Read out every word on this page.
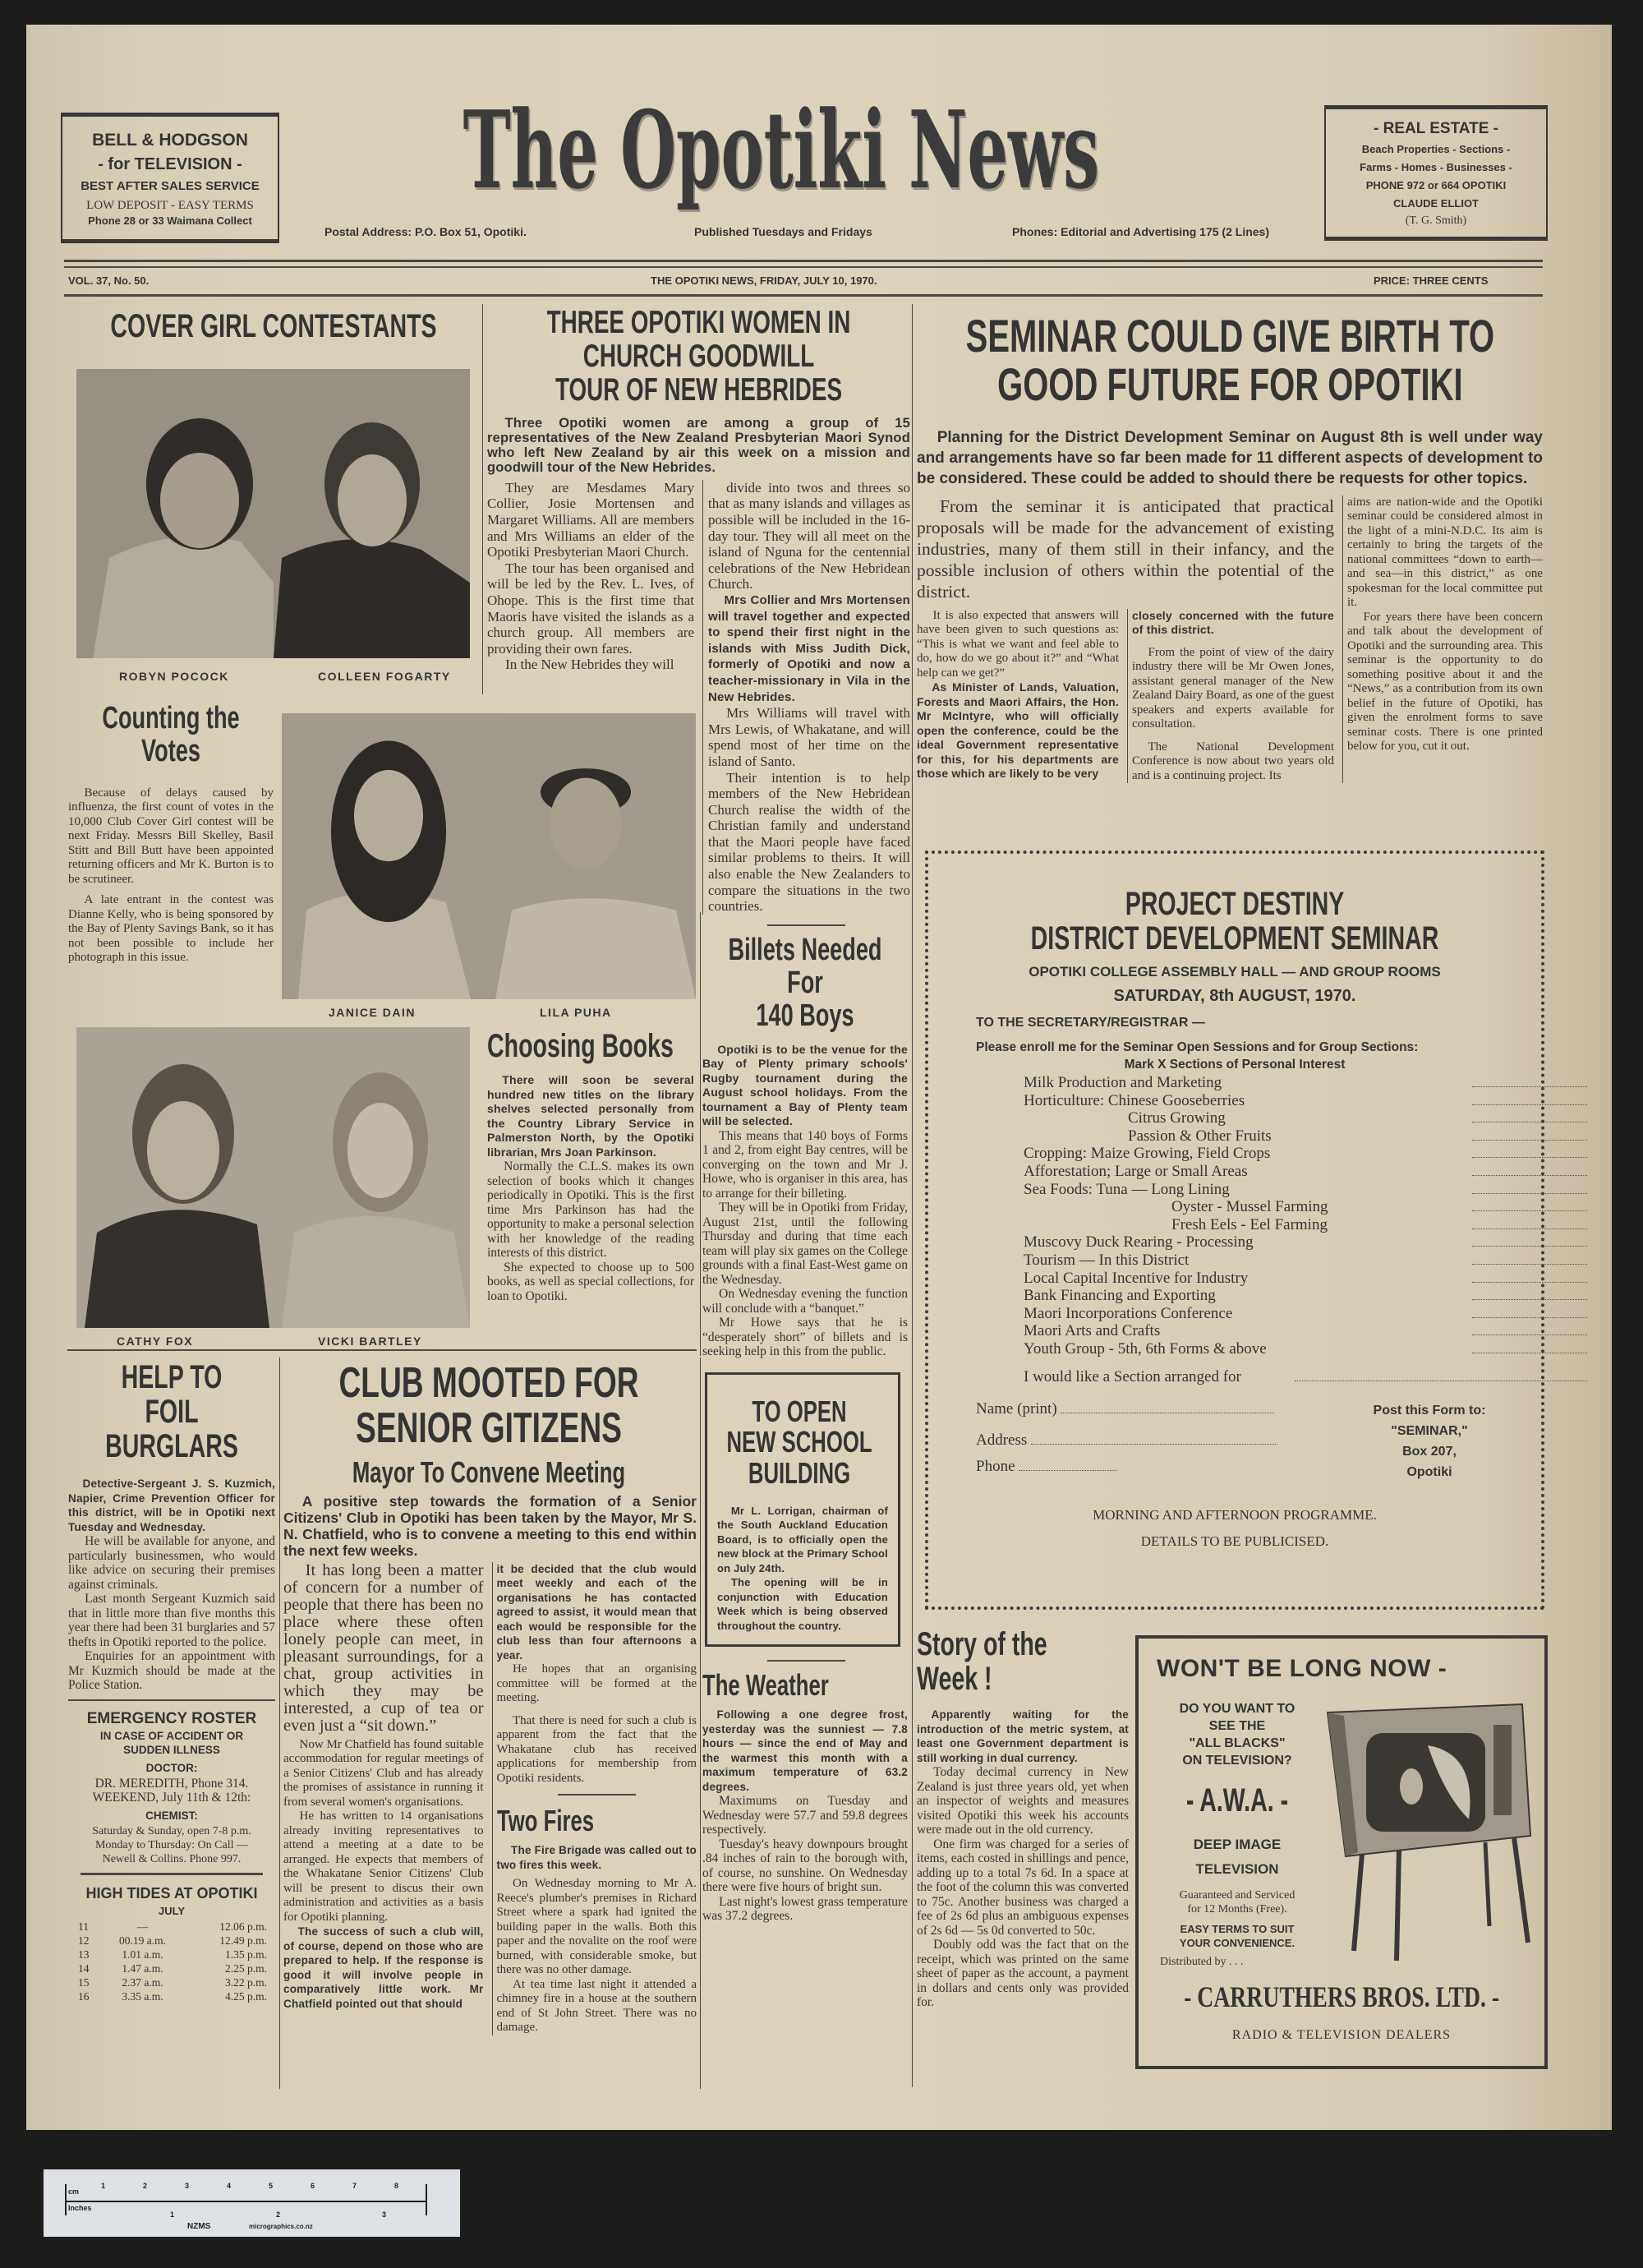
BELL & HODGSON
- for TELEVISION -
BEST AFTER SALES SERVICE
LOW DEPOSIT - EASY TERMS
Phone 28 or 33 Waimana Collect
The Opotiki News
Postal Address: P.O. Box 51, Opotiki.	Published Tuesdays and Fridays	Phones: Editorial and Advertising 175 (2 Lines)
- REAL ESTATE -
Beach Properties - Sections -
Farms - Homes - Businesses -
PHONE 972 or 664 OPOTIKI
CLAUDE ELLIOT
(T. G. Smith)
VOL. 37, No. 50.	THE OPOTIKI NEWS, FRIDAY, JULY 10, 1970.	PRICE: THREE CENTS
COVER GIRL CONTESTANTS
ROBYN POCOCK	COLLEEN FOGARTY
Counting the
Votes

Because of delays caused by influenza, the first count of votes in the 10,000 Club Cover Girl contest will be next Friday. Messrs Bill Skelley, Basil Stitt and Bill Butt have been appointed returning officers and Mr K. Burton is to be scrutineer.

A late entrant in the contest was Dianne Kelly, who is being sponsored by the Bay of Plenty Savings Bank, so it has not been possible to include her photograph in this issue.

JANICE DAIN	LILA PUHA
CATHY FOX	VICKI BARTLEY
THREE OPOTIKI WOMEN IN
CHURCH GOODWILL
TOUR OF NEW HEBRIDES

Three Opotiki women are among a group of 15 representatives of the New Zealand Presbyterian Maori Synod who left New Zealand by air this week on a mission and goodwill tour of the New Hebrides.

They are Mesdames Mary Collier, Josie Mortensen and Margaret Williams. All are members and Mrs Williams an elder of the Opotiki Presbyterian Maori Church.

The tour has been organised and will be led by the Rev. L. Ives, of Ohope. This is the first time that Maoris have visited the islands as a church group. All members are providing their own fares.

In the New Hebrides they will

divide into twos and threes so that as many islands and villages as possible will be included in the 16-day tour. They will all meet on the island of Nguna for the centennial celebrations of the New Hebridean Church.

Mrs Collier and Mrs Mortensen will travel together and expected to spend their first night in the islands with Miss Judith Dick, formerly of Opotiki and now a teacher-missionary in Vila in the New Hebrides.

Mrs Williams will travel with Mrs Lewis, of Whakatane, and will spend most of her time on the island of Santo.

Their intention is to help members of the New Hebridean Church realise the width of the Christian family and understand that the Maori people have faced similar problems to theirs. It will also enable the New Zealanders to compare the situations in the two countries.

Billets Needed
For
140 Boys

Opotiki is to be the venue for the Bay of Plenty primary schools' Rugby tournament during the August school holidays. From the tournament a Bay of Plenty team will be selected.

This means that 140 boys of Forms 1 and 2, from eight Bay centres, will be converging on the town and Mr J. Howe, who is organiser in this area, has to arrange for their billeting.

They will be in Opotiki from Friday, August 21st, until the following Thursday and during that time each team will play six games on the College grounds with a final East-West game on the Wednesday.

On Wednesday evening the function will conclude with a “banquet.”

Mr Howe says that he is “desperately short” of billets and is seeking help in this from the public.

TO OPEN
NEW SCHOOL
BUILDING

Mr L. Lorrigan, chairman of the South Auckland Education Board, is to officially open the new block at the Primary School on July 24th.

The opening will be in conjunction with Education Week which is being observed throughout the country.

The Weather

Following a one degree frost, yesterday was the sunniest — 7.8 hours — since the end of May and the warmest this month with a maximum temperature of 63.2 degrees.

Maximums on Tuesday and Wednesday were 57.7 and 59.8 degrees respectively.

Tuesday's heavy downpours brought .84 inches of rain to the borough with, of course, no sunshine. On Wednesday there were five hours of bright sun.

Last night's lowest grass temperature was 37.2 degrees.

Choosing Books

There will soon be several hundred new titles on the library shelves selected personally from the Country Library Service in Palmerston North, by the Opotiki librarian, Mrs Joan Parkinson.

Normally the C.L.S. makes its own selection of books which it changes periodically in Opotiki. This is the first time Mrs Parkinson has had the opportunity to make a personal selection with her knowledge of the reading interests of this district.

She expected to choose up to 500 books, as well as special collections, for loan to Opotiki.

SEMINAR COULD GIVE BIRTH TO
GOOD FUTURE FOR OPOTIKI

Planning for the District Development Seminar on August 8th is well under way and arrangements have so far been made for 11 different aspects of development to be considered. These could be added to should there be requests for other topics.

From the seminar it is anticipated that practical proposals will be made for the advancement of existing industries, many of them still in their infancy, and the possible inclusion of others within the potential of the district.

It is also expected that answers will have been given to such questions as: “This is what we want and feel able to do, how do we go about it?” and “What help can we get?”

As Minister of Lands, Valuation, Forests and Maori Affairs, the Hon. Mr McIntyre, who will officially open the conference, could be the ideal Government representative for this, for his departments are those which are likely to be very

closely concerned with the future of this district.

From the point of view of the dairy industry there will be Mr Owen Jones, assistant general manager of the New Zealand Dairy Board, as one of the guest speakers and experts available for consultation.

The National Development Conference is now about two years old and is a continuing project. Its

aims are nation-wide and the Opotiki seminar could be considered almost in the light of a mini-N.D.C. Its aim is certainly to bring the targets of the national committees “down to earth—and sea—in this district,” as one spokesman for the local committee put it.

For years there have been concern and talk about the development of Opotiki and the surrounding area. This seminar is the opportunity to do something positive about it and the “News,” as a contribution from its own belief in the future of Opotiki, has given the enrolment forms to save seminar costs. There is one printed below for you, cut it out.

PROJECT DESTINY
DISTRICT DEVELOPMENT SEMINAR
OPOTIKI COLLEGE ASSEMBLY HALL — AND GROUP ROOMS
SATURDAY, 8th AUGUST, 1970.
TO THE SECRETARY/REGISTRAR —
Please enroll me for the Seminar Open Sessions and for Group Sections:
Mark X Sections of Personal Interest
Milk Production and Marketing
Horticulture: Chinese Gooseberries
Citrus Growing
Passion & Other Fruits
Cropping: Maize Growing, Field Crops
Afforestation; Large or Small Areas
Sea Foods: Tuna — Long Lining
Oyster - Mussel Farming
Fresh Eels - Eel Farming
Muscovy Duck Rearing - Processing
Tourism — In this District
Local Capital Incentive for Industry
Bank Financing and Exporting
Maori Incorporations Conference
Maori Arts and Crafts
Youth Group - 5th, 6th Forms & above
I would like a Section arranged for
Name (print)
Address
Phone
Post this Form to:
"SEMINAR,"
Box 207,
Opotiki
MORNING AND AFTERNOON PROGRAMME.
DETAILS TO BE PUBLICISED.
HELP TO
FOIL
BURGLARS

Detective-Sergeant J. S. Kuzmich, Napier, Crime Prevention Officer for this district, will be in Opotiki next Tuesday and Wednesday.

He will be available for anyone, and particularly businessmen, who would like advice on securing their premises against criminals.

Last month Sergeant Kuzmich said that in little more than five months this year there had been 31 burglaries and 57 thefts in Opotiki reported to the police.

Enquiries for an appointment with Mr Kuzmich should be made at the Police Station.

EMERGENCY ROSTER
IN CASE OF ACCIDENT OR
SUDDEN ILLNESS
DOCTOR:
DR. MEREDITH, Phone 314.
WEEKEND, July 11th & 12th:
CHEMIST:
Saturday & Sunday, open 7-8 p.m.
Monday to Thursday: On Call —
Newell & Collins. Phone 997.
HIGH TIDES AT OPOTIKI
JULY
11	—	12.06 p.m.
12	00.19 a.m.	12.49 p.m.
13	1.01 a.m.	1.35 p.m.
14	1.47 a.m.	2.25 p.m.
15	2.37 a.m.	3.22 p.m.
16	3.35 a.m.	4.25 p.m.
CLUB MOOTED FOR
SENIOR GITIZENS
Mayor To Convene Meeting

A positive step towards the formation of a Senior Citizens' Club in Opotiki has been taken by the Mayor, Mr S. N. Chatfield, who is to convene a meeting to this end within the next few weeks.

It has long been a matter of concern for a number of people that there has been no place where these often lonely people can meet, in pleasant surroundings, for a chat, group activities in which they may be interested, a cup of tea or even just a “sit down.”

Now Mr Chatfield has found suitable accommodation for regular meetings of a Senior Citizens' Club and has already the promises of assistance in running it from several women's organisations.

He has written to 14 organisations already inviting representatives to attend a meeting at a date to be arranged. He expects that members of the Whakatane Senior Citizens' Club will be present to discus their own administration and activities as a basis for Opotiki planning.

The success of such a club will, of course, depend on those who are prepared to help. If the response is good it will involve people in comparatively little work. Mr Chatfield pointed out that should

it be decided that the club would meet weekly and each of the organisations he has contacted agreed to assist, it would mean that each would be responsible for the club less than four afternoons a year.

He hopes that an organising committee will be formed at the meeting.

That there is need for such a club is apparent from the fact that the Whakatane club has received applications for membership from Opotiki residents.

Two Fires

The Fire Brigade was called out to two fires this week.

On Wednesday morning to Mr A. Reece's plumber's premises in Richard Street where a spark had ignited the building paper in the walls. Both this paper and the novalite on the roof were burned, with considerable smoke, but there was no other damage.

At tea time last night it attended a chimney fire in a house at the southern end of St John Street. There was no damage.

Story of the
Week !

Apparently waiting for the introduction of the metric system, at least one Government department is still working in dual currency.

Today decimal currency in New Zealand is just three years old, yet when an inspector of weights and measures visited Opotiki this week his accounts were made out in the old currency.

One firm was charged for a series of items, each costed in shillings and pence, adding up to a total 7s 6d. In a space at the foot of the column this was converted to 75c. Another business was charged a fee of 2s 6d plus an ambiguous expenses of 2s 6d — 5s 0d converted to 50c.

Doubly odd was the fact that on the receipt, which was printed on the same sheet of paper as the account, a payment in dollars and cents only was provided for.

WON'T BE LONG NOW -
DO YOU WANT TO
SEE THE
"ALL BLACKS"
ON TELEVISION?
- A.W.A. -
DEEP IMAGE
TELEVISION
Guaranteed and Serviced
for 12 Months (Free).
EASY TERMS TO SUIT
YOUR CONVENIENCE.
Distributed by . . .
- CARRUTHERS BROS. LTD. -
RADIO & TELEVISION DEALERS
cm
Inches
1	2	3	4	5	6	7	8
1	2	3
NZMS	micrographics.co.nz
